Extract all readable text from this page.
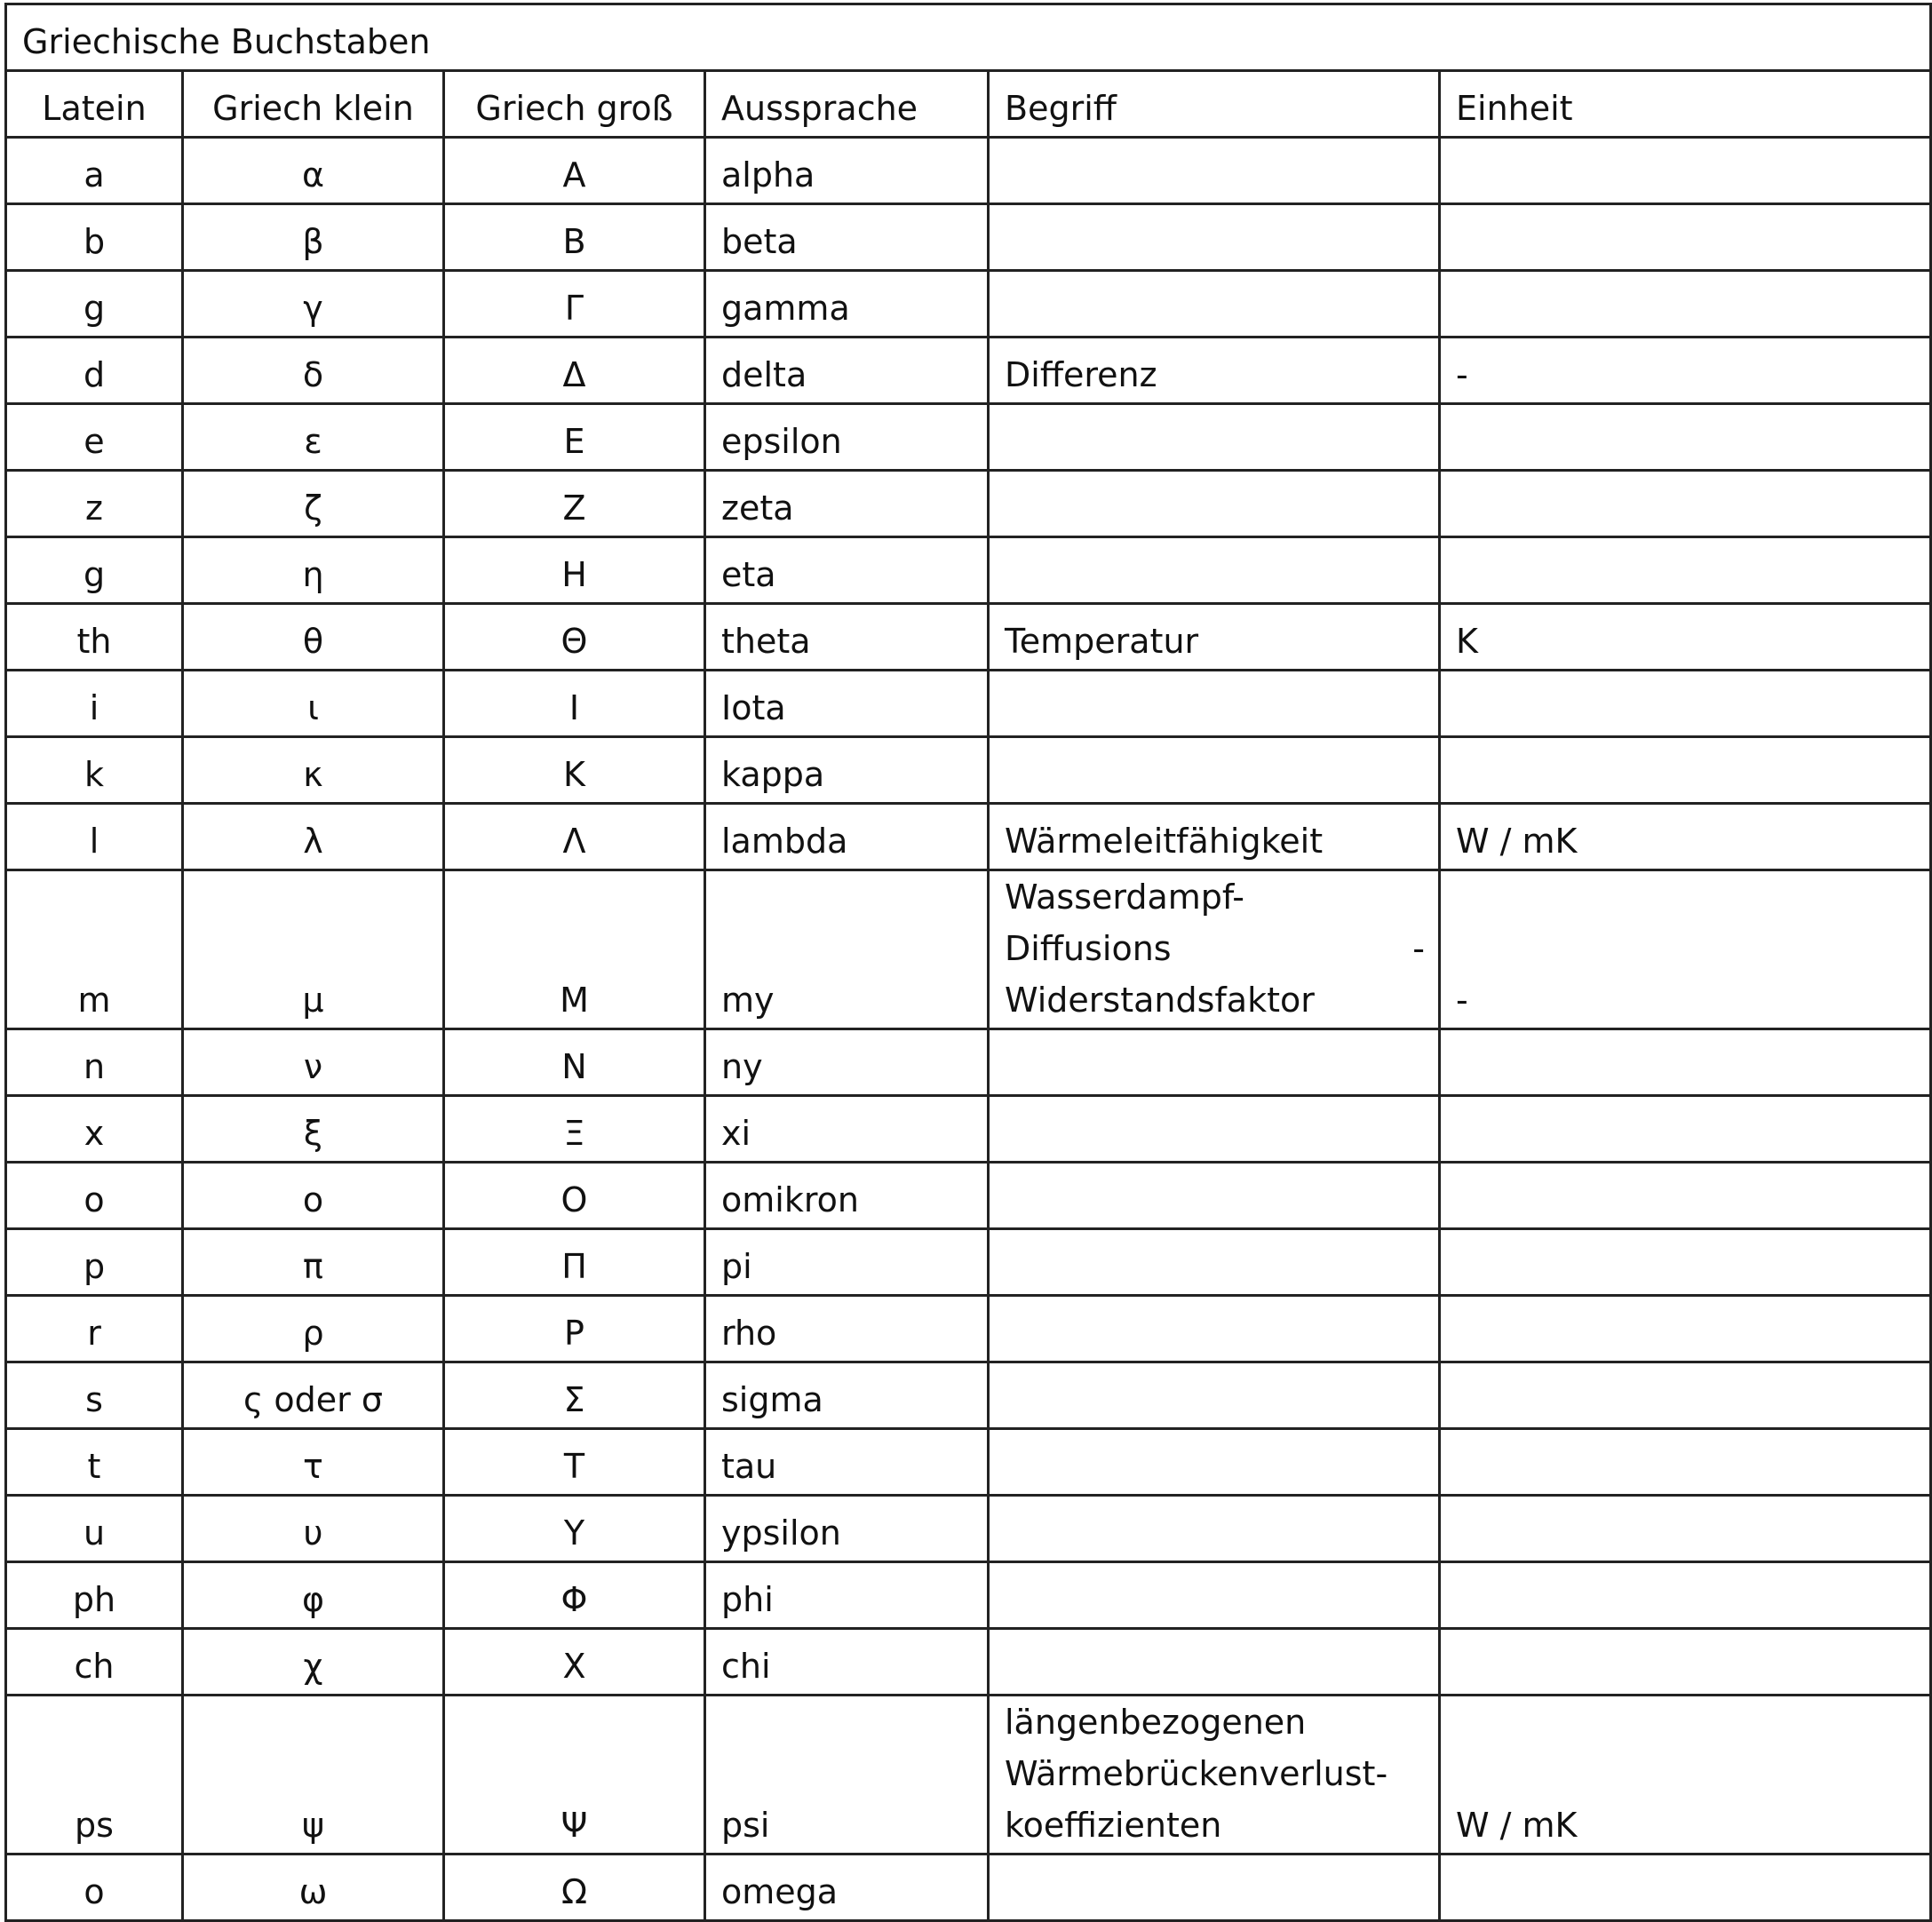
Griechische Buchstaben					
Latein	Griech klein	Griech groß	Aussprache	Begriff	Einheit
a	α	Α	alpha		
b	β	Β	beta		
g	γ	Γ	gamma		
d	δ	Δ	delta	Differenz	-
e	ε	Ε	epsilon		
z	ζ	Ζ	zeta		
g	η	Η	eta		
th	θ	Θ	theta	Temperatur	K
i	ι	Ι	Iota		
k	κ	Κ	kappa		
l	λ	Λ	lambda	Wärmeleitfähigkeit	W / mK
m	μ	Μ	my	Wasserdampf-
Diffusions -
Widerstandsfaktor	-
n	ν	Ν	ny		
x	ξ	Ξ	xi		
o	ο	Ο	omikron		
p	π	Π	pi		
r	ρ	Ρ	rho		
s	ς oder σ	Σ	sigma		
t	τ	Τ	tau		
u	υ	Υ	ypsilon		
ph	φ	Φ	phi		
ch	χ	Χ	chi		
ps	ψ	Ψ	psi	längenbezogenen
Wärmebrückenverlust-
koeffizienten	W / mK
o	ω	Ω	omega		
